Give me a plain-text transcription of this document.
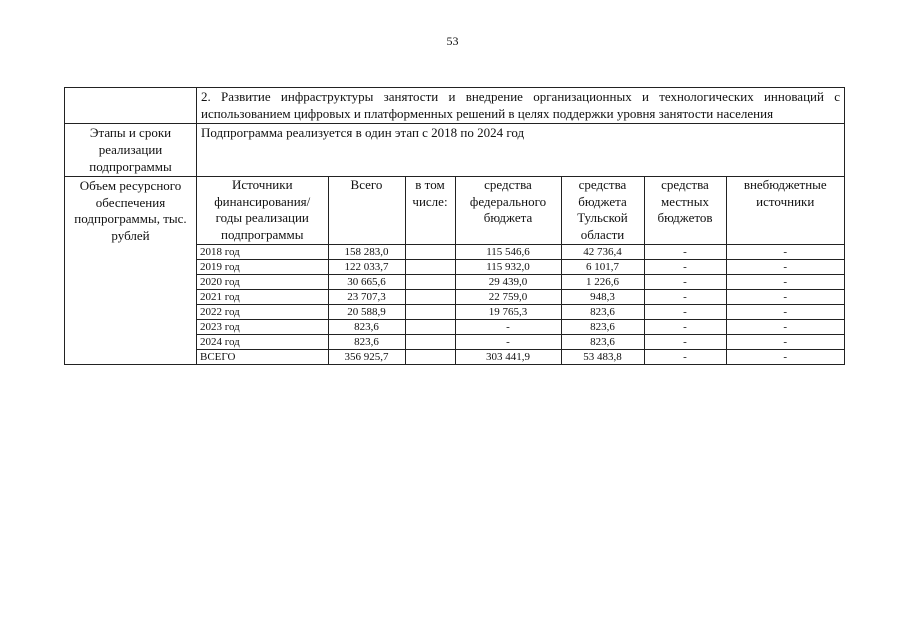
53
	2. Развитие инфраструктуры занятости и внедрение организационных и технологических инноваций с использованием цифровых и платформенных решений в целях поддержки уровня занятости населения
Этапы и сроки реализации подпрограммы	Подпрограмма реализуется в один этап с 2018 по 2024 год
Объем ресурсного обеспечения подпрограммы, тыс. рублей	
Источники финансирования/ годы реализации подпрограммы	Всего	в том числе:	средства федерального бюджета	средства бюджета Тульской области	средства местных бюджетов	внебюджетные источники
2018 год	158 283,0		115 546,6	42 736,4	-	-
2019 год	122 033,7		115 932,0	6 101,7	-	-
2020 год	30 665,6		29 439,0	1 226,6	-	-
2021 год	23 707,3		22 759,0	948,3	-	-
2022 год	20 588,9		19 765,3	823,6	-	-
2023 год	823,6		-	823,6	-	-
2024 год	823,6		-	823,6	-	-
ВСЕГО	356 925,7		303 441,9	53 483,8	-	-
